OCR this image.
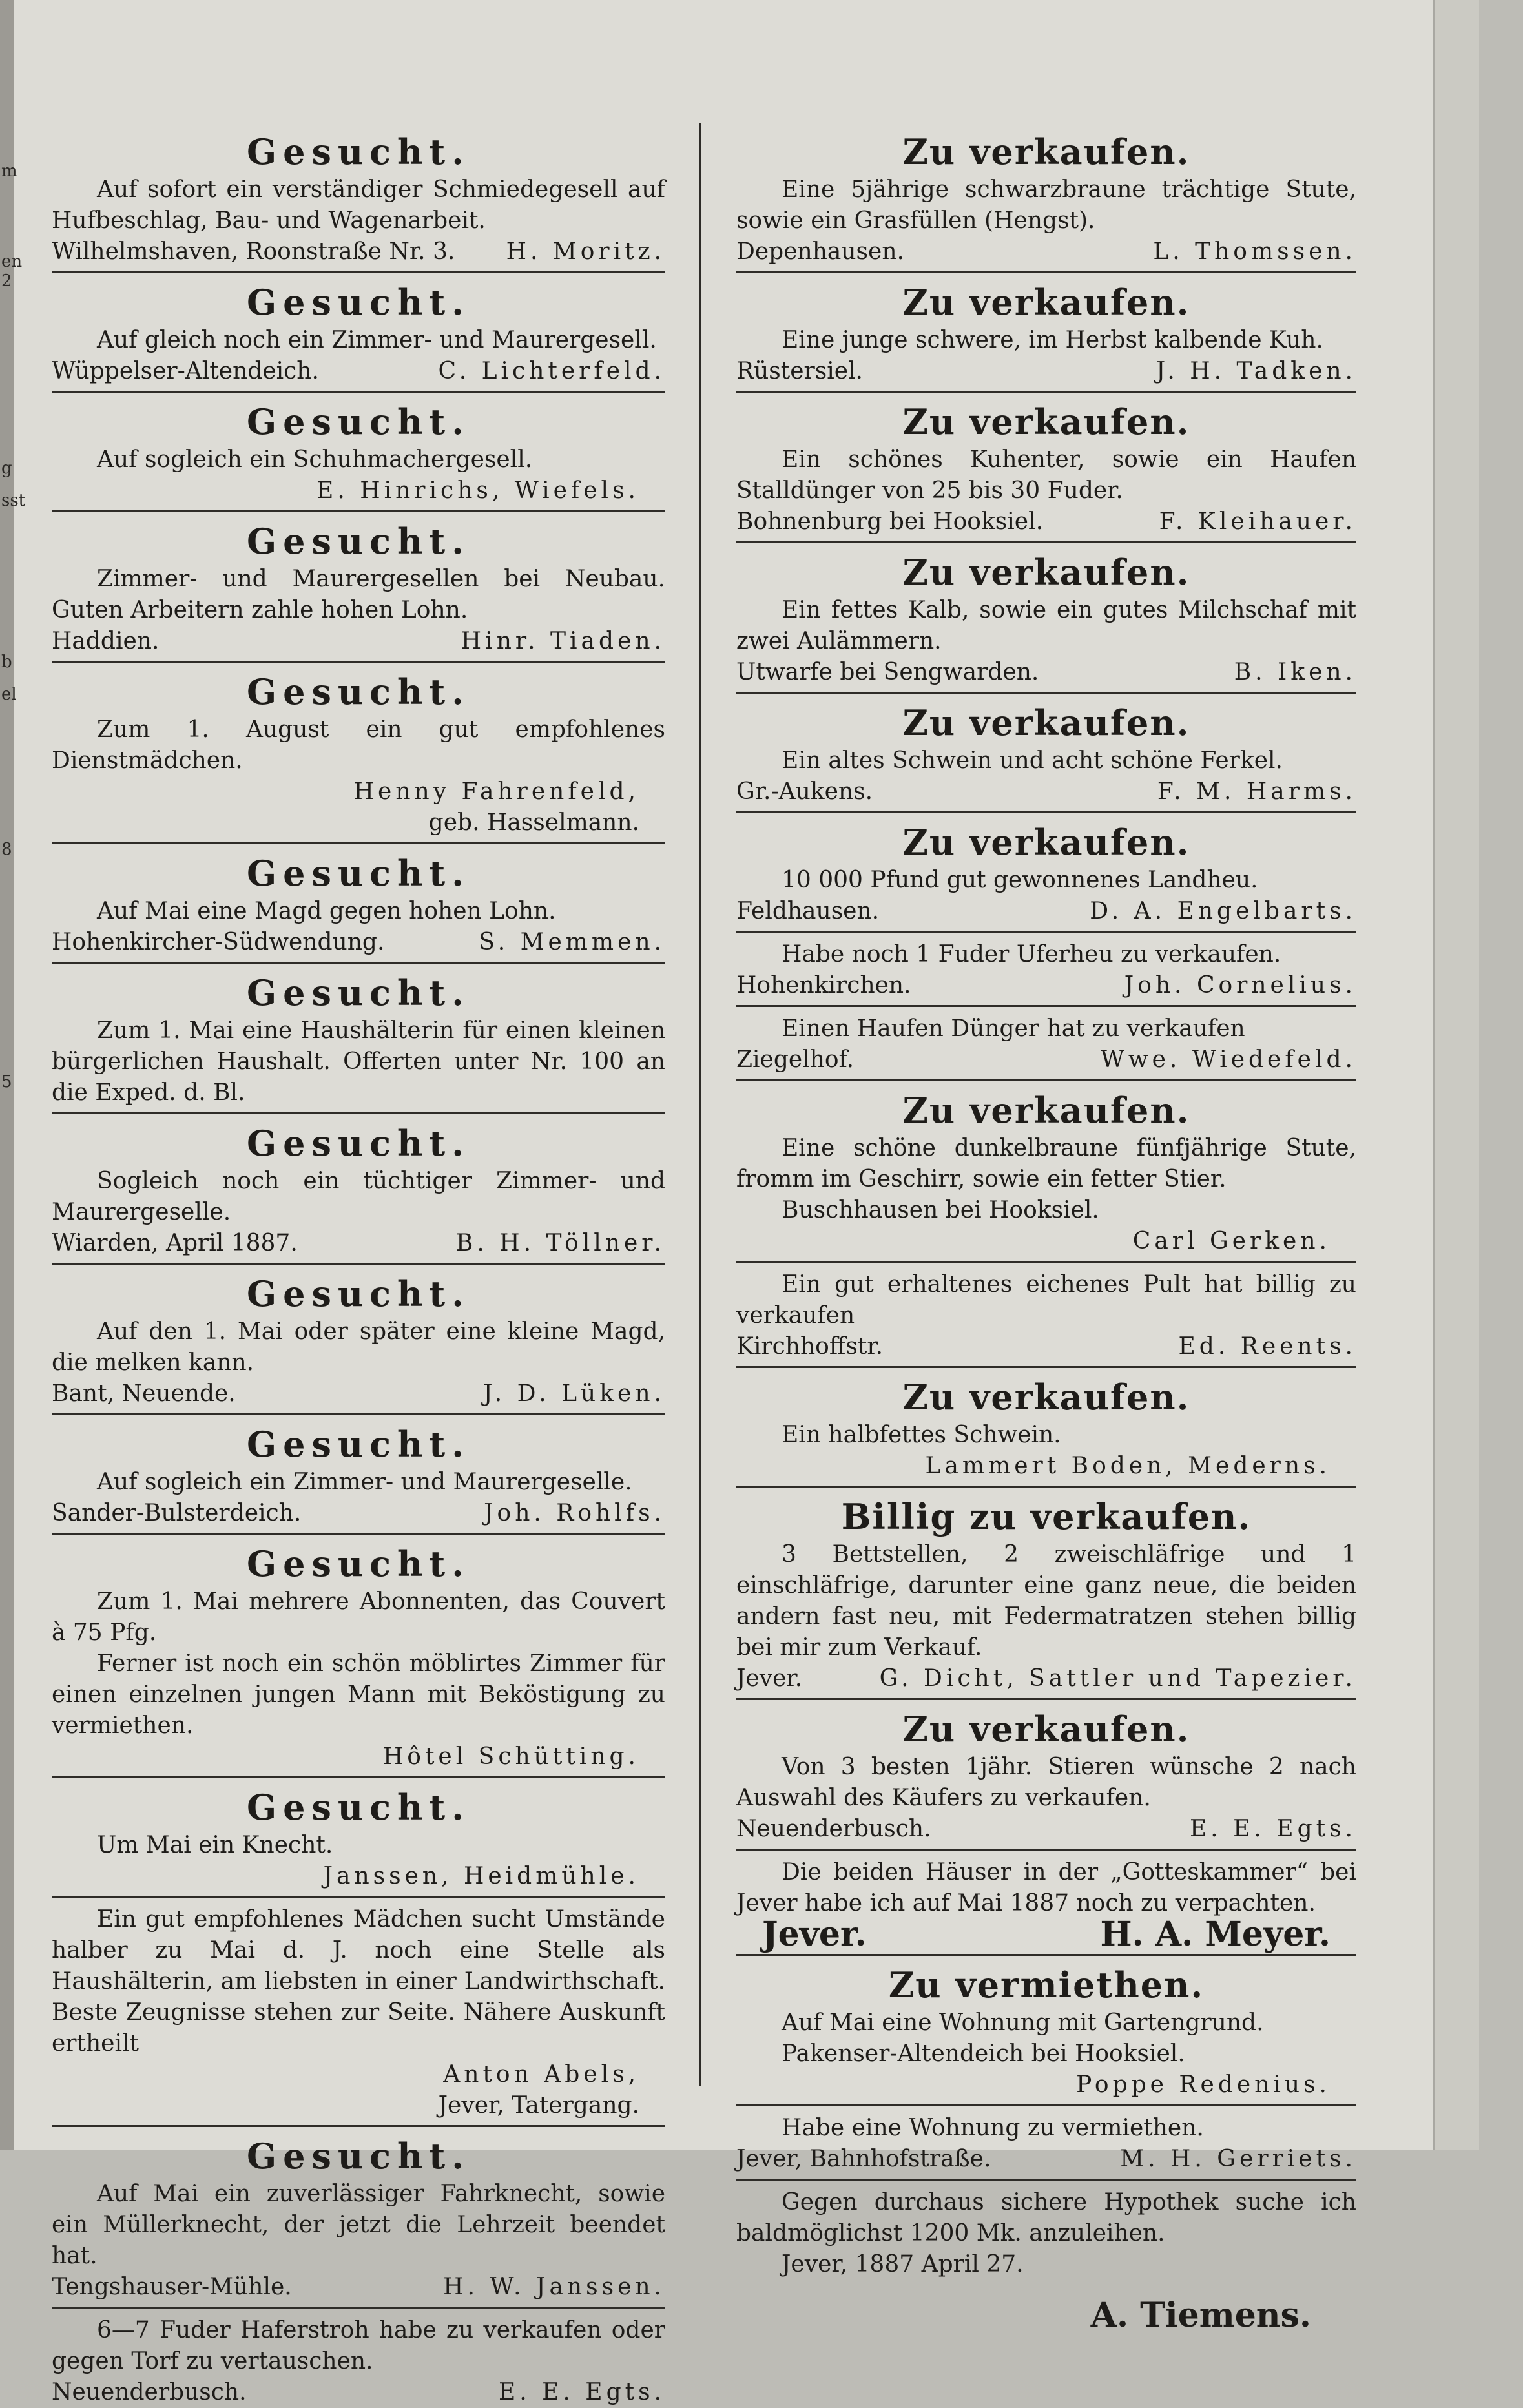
m
en
2
g
sst
b
el
8
5
Gesucht.

Auf sofort ein verständiger Schmiedegesell auf Hufbeschlag, Bau- und Wagenarbeit.

Wilhelmshaven, Roonstraße Nr. 3. H. Moritz.
Gesucht.

Auf gleich noch ein Zimmer- und Maurergesell.

Wüppelser-Altendeich.	C. Lichterfeld.
Gesucht.

Auf sogleich ein Schuhmachergesell.

E. Hinrichs, Wiefels.
Gesucht.

Zimmer- und Maurergesellen bei Neubau. Guten Arbeitern zahle hohen Lohn.

Haddien.	Hinr. Tiaden.
Gesucht.

Zum 1. August ein gut empfohlenes Dienstmädchen.

Henny Fahrenfeld,
geb. Hasselmann.
Gesucht.

Auf Mai eine Magd gegen hohen Lohn.

Hohenkircher-Südwendung.	S. Memmen.
Gesucht.

Zum 1. Mai eine Haushälterin für einen kleinen bürgerlichen Haushalt. Offerten unter Nr. 100 an die Exped. d. Bl.

Gesucht.

Sogleich noch ein tüchtiger Zimmer- und Maurergeselle.

Wiarden, April 1887.	B. H. Töllner.
Gesucht.

Auf den 1. Mai oder später eine kleine Magd, die melken kann.

Bant, Neuende.	J. D. Lüken.
Gesucht.

Auf sogleich ein Zimmer- und Maurergeselle.

Sander-Bulsterdeich.	Joh. Rohlfs.
Gesucht.

Zum 1. Mai mehrere Abonnenten, das Couvert à 75 Pfg.

Ferner ist noch ein schön möblirtes Zimmer für einen einzelnen jungen Mann mit Beköstigung zu vermiethen.

Hôtel Schütting.
Gesucht.

Um Mai ein Knecht.

Janssen, Heidmühle.

Ein gut empfohlenes Mädchen sucht Umstände halber zu Mai d. J. noch eine Stelle als Haushälterin, am liebsten in einer Landwirthschaft. Beste Zeugnisse stehen zur Seite. Nähere Auskunft ertheilt

Anton Abels,
Jever, Tatergang.
Gesucht.

Auf Mai ein zuverlässiger Fahrknecht, sowie ein Müllerknecht, der jetzt die Lehrzeit beendet hat.

Tengshauser-Mühle.	H. W. Janssen.

6—7 Fuder Haferstroh habe zu verkaufen oder gegen Torf zu vertauschen.

Neuenderbusch.	E. E. Egts.
Zu verkaufen.

Eine 5jährige schwarzbraune trächtige Stute, sowie ein Grasfüllen (Hengst).

Depenhausen.	L. Thomssen.
Zu verkaufen.

Eine junge schwere, im Herbst kalbende Kuh.

Rüstersiel.	J. H. Tadken.
Zu verkaufen.

Ein schönes Kuhenter, sowie ein Haufen Stalldünger von 25 bis 30 Fuder.

Bohnenburg bei Hooksiel.	F. Kleihauer.
Zu verkaufen.

Ein fettes Kalb, sowie ein gutes Milchschaf mit zwei Aulämmern.

Utwarfe bei Sengwarden.	B. Iken.
Zu verkaufen.

Ein altes Schwein und acht schöne Ferkel.

Gr.-Aukens.	F. M. Harms.
Zu verkaufen.

10 000 Pfund gut gewonnenes Landheu.

Feldhausen.	D. A. Engelbarts.

Habe noch 1 Fuder Uferheu zu verkaufen.

Hohenkirchen.	Joh. Cornelius.

Einen Haufen Dünger hat zu verkaufen

Ziegelhof.	Wwe. Wiedefeld.
Zu verkaufen.

Eine schöne dunkelbraune fünfjährige Stute, fromm im Geschirr, sowie ein fetter Stier.

Buschhausen bei Hooksiel.

Carl Gerken.

Ein gut erhaltenes eichenes Pult hat billig zu verkaufen

Kirchhoffstr.	Ed. Reents.
Zu verkaufen.

Ein halbfettes Schwein.

Lammert Boden, Mederns.
Billig zu verkaufen.

3 Bettstellen, 2 zweischläfrige und 1 einschläfrige, darunter eine ganz neue, die beiden andern fast neu, mit Federmatratzen stehen billig bei mir zum Verkauf.

Jever.	G. Dicht, Sattler und Tapezier.
Zu verkaufen.

Von 3 besten 1jähr. Stieren wünsche 2 nach Auswahl des Käufers zu verkaufen.

Neuenderbusch.	E. E. Egts.

Die beiden Häuser in der „Gotteskammer“ bei Jever habe ich auf Mai 1887 noch zu verpachten.

Jever.	H. A. Meyer.
Zu vermiethen.

Auf Mai eine Wohnung mit Gartengrund.

Pakenser-Altendeich bei Hooksiel.

Poppe Redenius.

Habe eine Wohnung zu vermiethen.

Jever, Bahnhofstraße.	M. H. Gerriets.

Gegen durchaus sichere Hypothek suche ich baldmöglichst 1200 Mk. anzuleihen.

Jever, 1887 April 27.

A. Tiemens.
